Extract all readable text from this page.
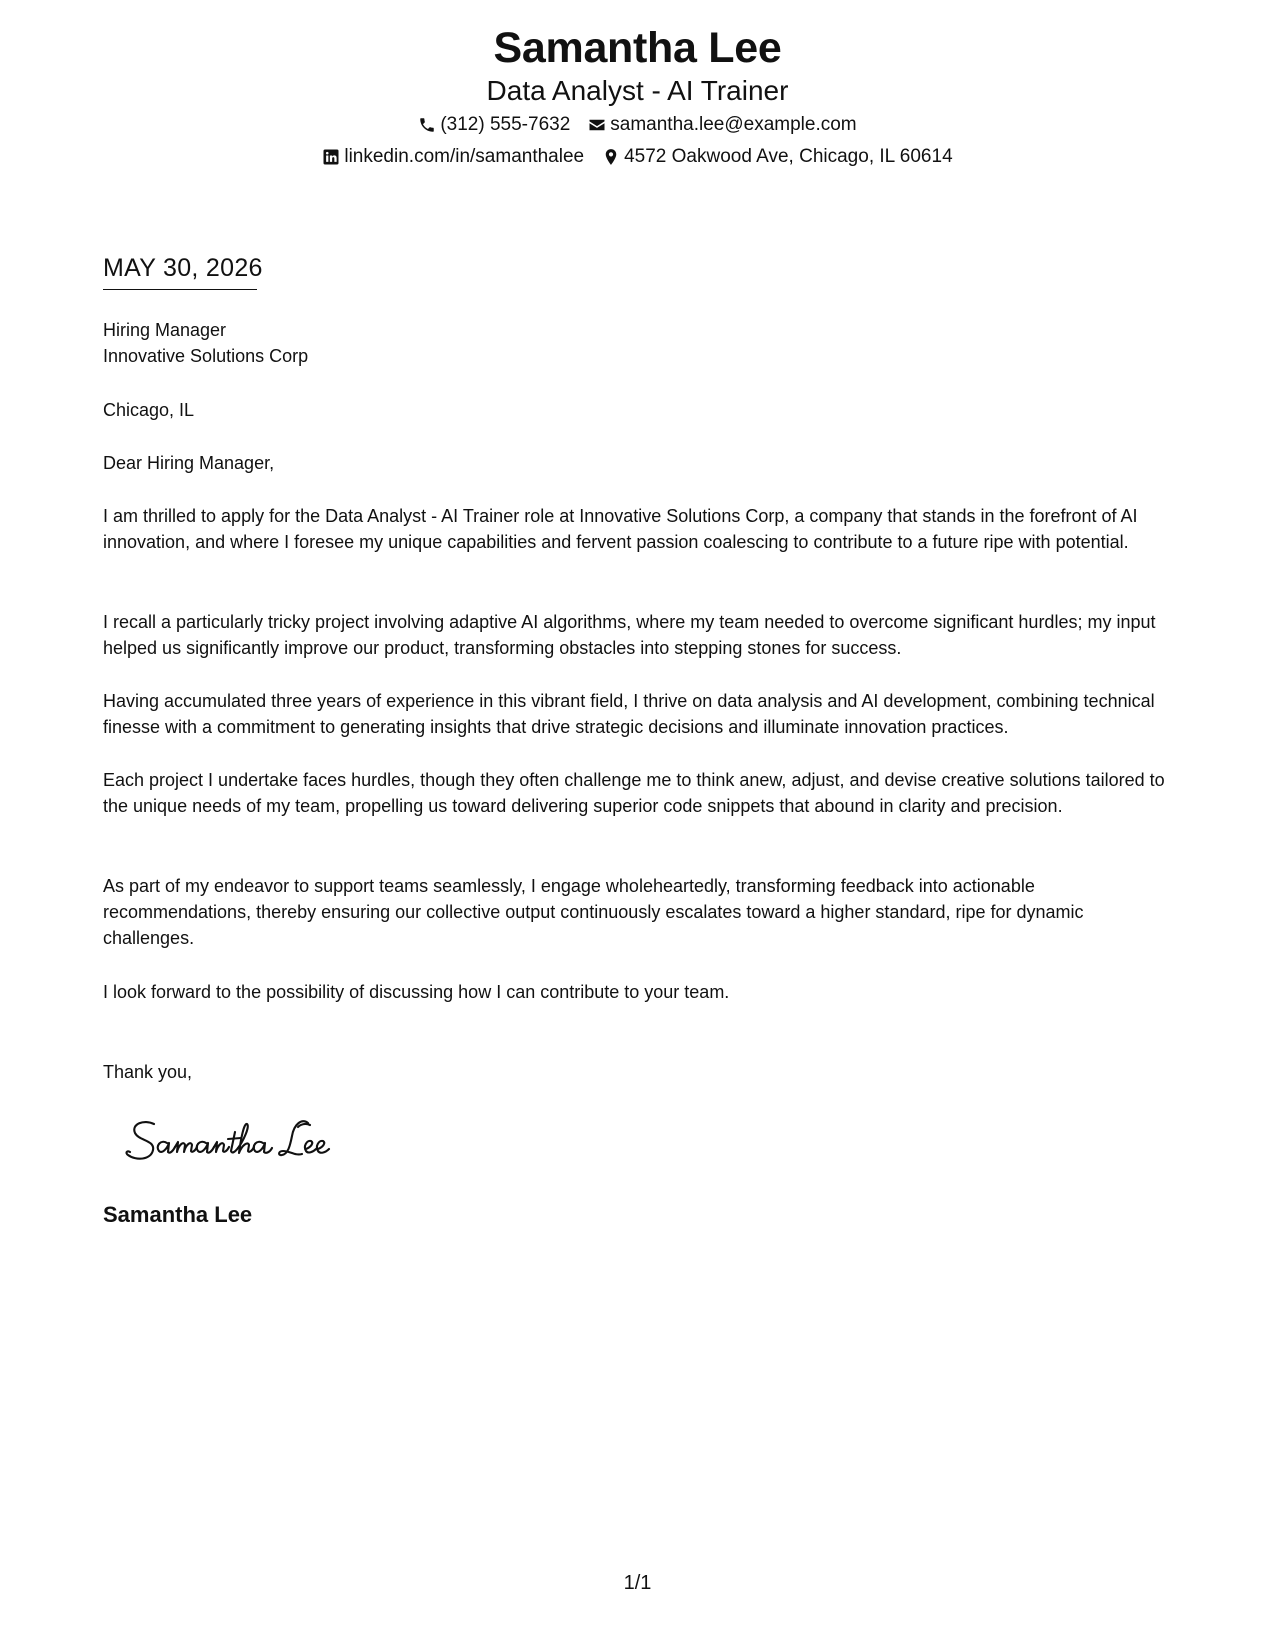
Samantha Lee
Data Analyst - AI Trainer
(312) 555-7632 samantha.lee@example.com
linkedin.com/in/samanthalee 4572 Oakwood Ave, Chicago, IL 60614
MAY 30, 2026
Hiring Manager
Innovative Solutions Corp
Chicago, IL
Dear Hiring Manager,

I am thrilled to apply for the Data Analyst - AI Trainer role at Innovative Solutions Corp, a company that stands in the forefront of AI innovation, and where I foresee my unique capabilities and fervent passion coalescing to contribute to a future ripe with potential.

I recall a particularly tricky project involving adaptive AI algorithms, where my team needed to overcome significant hurdles; my input helped us significantly improve our product, transforming obstacles into stepping stones for success.

Having accumulated three years of experience in this vibrant field, I thrive on data analysis and AI development, combining technical finesse with a commitment to generating insights that drive strategic decisions and illuminate innovation practices.

Each project I undertake faces hurdles, though they often challenge me to think anew, adjust, and devise creative solutions tailored to the unique needs of my team, propelling us toward delivering superior code snippets that abound in clarity and precision.

As part of my endeavor to support teams seamlessly, I engage wholeheartedly, transforming feedback into actionable recommendations, thereby ensuring our collective output continuously escalates toward a higher standard, ripe for dynamic challenges.

I look forward to the possibility of discussing how I can contribute to your team.

Thank you,
Samantha Lee
1/1
